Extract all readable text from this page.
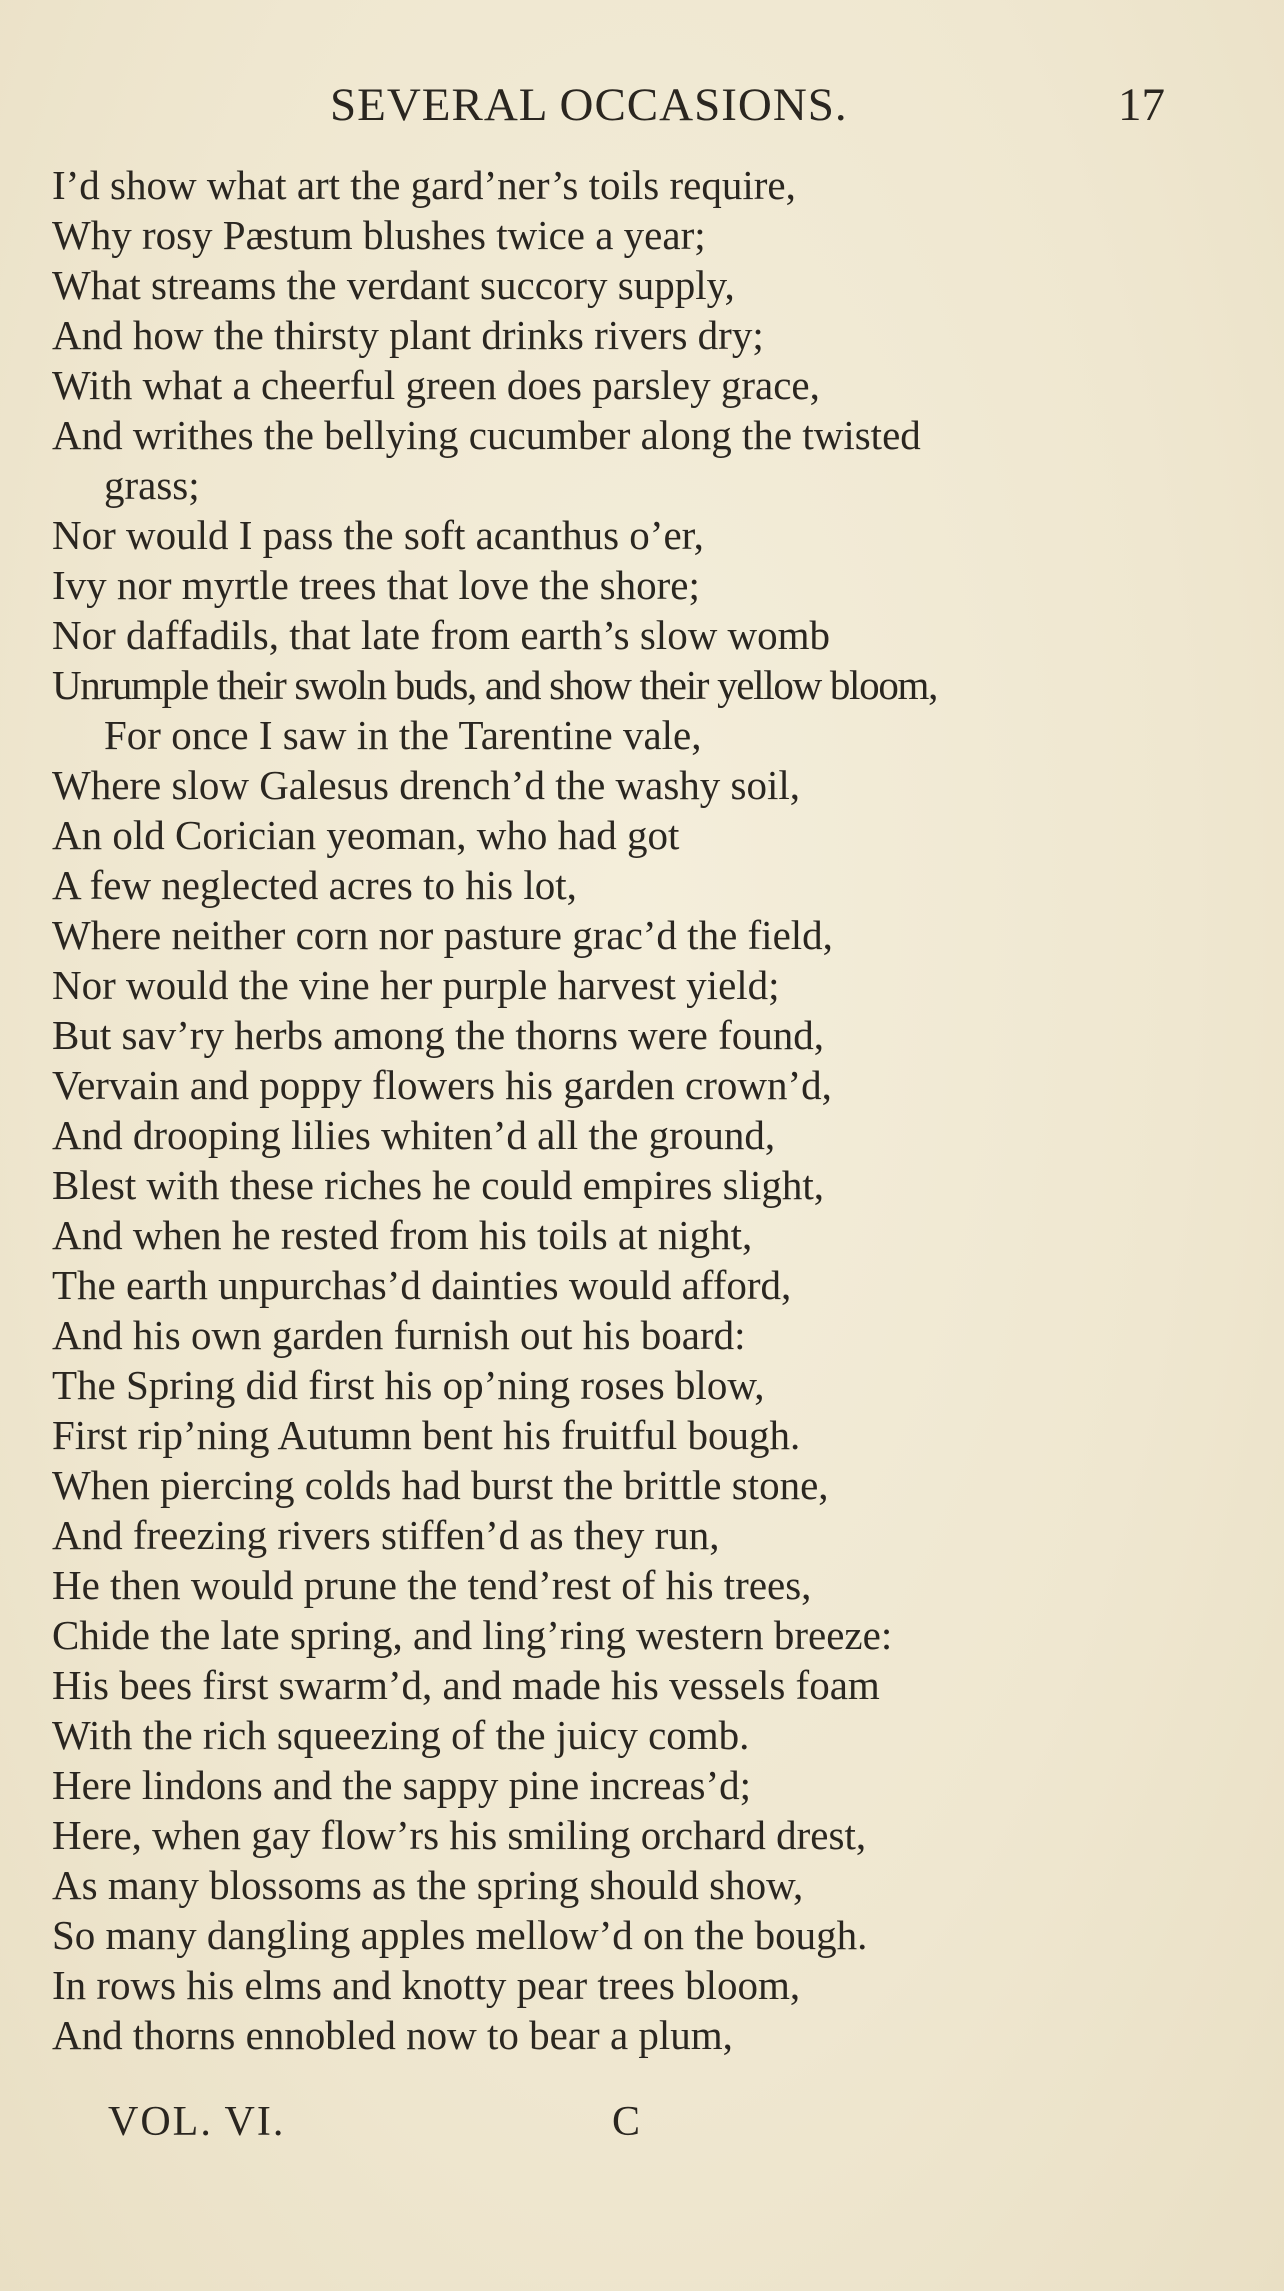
SEVERAL OCCASIONS.	17
I’d show what art the gard’ner’s toils require,
Why rosy Pæstum blushes twice a year;
What streams the verdant succory supply,
And how the thirsty plant drinks rivers dry;
With what a cheerful green does parsley grace,
And writhes the bellying cucumber along the twisted
grass;
Nor would I pass the soft acanthus o’er,
Ivy nor myrtle trees that love the shore;
Nor daffadils, that late from earth’s slow womb
Unrumple their swoln buds, and show their yellow bloom,
For once I saw in the Tarentine vale,
Where slow Galesus drench’d the washy soil,
An old Corician yeoman, who had got
A few neglected acres to his lot,
Where neither corn nor pasture grac’d the field,
Nor would the vine her purple harvest yield;
But sav’ry herbs among the thorns were found,
Vervain and poppy flowers his garden crown’d,
And drooping lilies whiten’d all the ground,
Blest with these riches he could empires slight,
And when he rested from his toils at night,
The earth unpurchas’d dainties would afford,
And his own garden furnish out his board:
The Spring did first his op’ning roses blow,
First rip’ning Autumn bent his fruitful bough.
When piercing colds had burst the brittle stone,
And freezing rivers stiffen’d as they run,
He then would prune the tend’rest of his trees,
Chide the late spring, and ling’ring western breeze:
His bees first swarm’d, and made his vessels foam
With the rich squeezing of the juicy comb.
Here lindons and the sappy pine increas’d;
Here, when gay flow’rs his smiling orchard drest,
As many blossoms as the spring should show,
So many dangling apples mellow’d on the bough.
In rows his elms and knotty pear trees bloom,
And thorns ennobled now to bear a plum,
VOL. VI.	C
